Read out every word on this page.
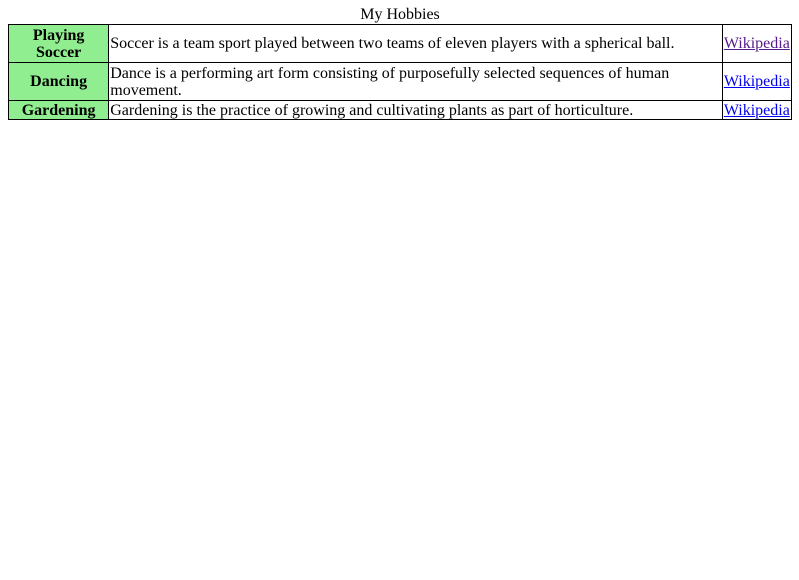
My Hobbies
Playing Soccer	Soccer is a team sport played between two teams of eleven players with a spherical ball.	Wikipedia
Dancing	Dance is a performing art form consisting of purposefully selected sequences of human movement.	Wikipedia
Gardening	Gardening is the practice of growing and cultivating plants as part of horticulture.	Wikipedia
